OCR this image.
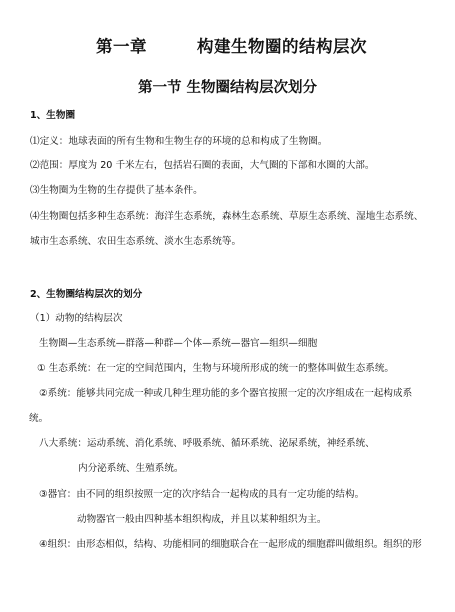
第一章	构建生物圈的结构层次
第一节 生物圈结构层次划分
1、生物圈
⑴定义：地球表面的所有生物和生物生存的环境的总和构成了生物圈。
⑵范围：厚度为 20 千米左右，包括岩石圈的表面，大气圈的下部和水圈的大部。
⑶生物圈为生物的生存提供了基本条件。
⑷生物圈包括多种生态系统：海洋生态系统，森林生态系统、草原生态系统、湿地生态系统、
城市生态系统、农田生态系统、淡水生态系统等。
2、生物圈结构层次的划分
（1）动物的结构层次
生物圈—生态系统—群落—种群—个体—系统—器官—组织—细胞
① 生态系统：在一定的空间范围内，生物与环境所形成的统一的整体叫做生态系统。
②系统：能够共同完成一种或几种生理功能的多个器官按照一定的次序组成在一起构成系
统。
八大系统：运动系统、消化系统、呼吸系统、循环系统、泌尿系统，神经系统、
内分泌系统、生殖系统。
③器官：由不同的组织按照一定的次序结合一起构成的具有一定功能的结构。
动物器官一般由四种基本组织构成，并且以某种组织为主。
④组织：由形态相似，结构、功能相同的细胞联合在一起形成的细胞群叫做组织。组织的形
